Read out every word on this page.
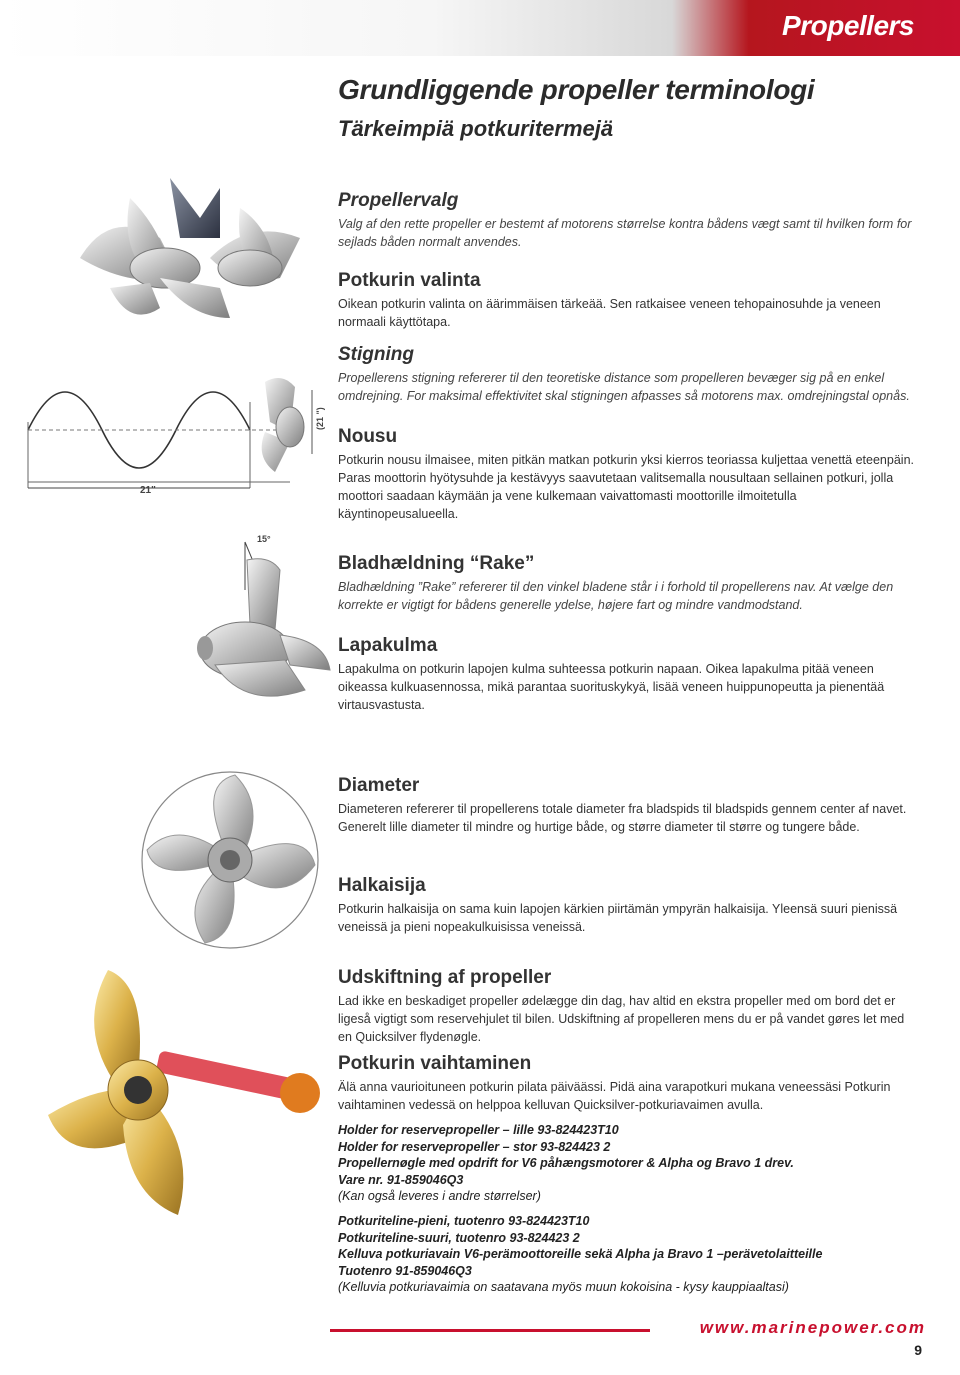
Propellers
Grundliggende propeller terminologi
Tärkeimpiä potkuritermejä
Propellervalg

Valg af den rette propeller er bestemt af motorens størrelse kontra bådens vægt samt til hvilken form for sejlads båden normalt anvendes.

Potkurin valinta

Oikean potkurin valinta on äärimmäisen tärkeää. Sen ratkaisee veneen tehopainosuhde ja veneen normaali käyttötapa.

21"
(21 ")
Stigning

Propellerens stigning refererer til den teoretiske distance som propelleren bevæger sig på en enkel omdrejning. For maksimal effektivitet skal stigningen afpasses så motorens max. omdrejningstal opnås.

Nousu

Potkurin nousu ilmaisee, miten pitkän matkan potkurin yksi kierros teoriassa kuljettaa venettä eteenpäin. Paras moottorin hyötysuhde ja kestävyys saavutetaan valitsemalla nousultaan sellainen potkuri, jolla moottori saadaan käymään ja vene kulkemaan vaivattomasti moottorille ilmoitetulla käyntinopeusalueella.

15°
Bladhældning “Rake”

Bladhældning ”Rake” refererer til den vinkel bladene står i i forhold til propellerens nav. At vælge den korrekte er vigtigt for bådens generelle ydelse, højere fart og mindre vandmodstand.

Lapakulma

Lapakulma on potkurin lapojen kulma suhteessa potkurin napaan. Oikea lapakulma pitää veneen oikeassa kulkuasennossa, mikä parantaa suorituskykyä, lisää veneen huippunopeutta ja pienentää virtausvastusta.

Diameter

Diameteren refererer til propellerens totale diameter fra bladspids til bladspids gennem center af navet. Generelt lille diameter til mindre og hurtige både, og større diameter til større og tungere både.

Halkaisija

Potkurin halkaisija on sama kuin lapojen kärkien piirtämän ympyrän halkaisija. Yleensä suuri pienissä veneissä ja pieni nopeakulkuisissa veneissä.

Udskiftning af propeller

Lad ikke en beskadiget propeller ødelægge din dag, hav altid en ekstra propeller med om bord det er ligeså vigtigt som reservehjulet til bilen. Udskiftning af propelleren mens du er på vandet gøres let med en Quicksilver flydenøgle.

Potkurin vaihtaminen

Älä anna vaurioituneen potkurin pilata päiväässi. Pidä aina varapotkuri mukana veneessäsi Potkurin vaihtaminen vedessä on helppoa kelluvan Quicksilver-potkuriavaimen avulla.

Holder for reservepropeller – lille 93-824423T10
Holder for reservepropeller – stor 93-824423 2
Propellernøgle med opdrift for V6 påhængsmotorer & Alpha og Bravo 1 drev.
Vare nr. 91-859046Q3
(Kan også leveres i andre størrelser)
Potkuriteline-pieni, tuotenro 93-824423T10
Potkuriteline-suuri, tuotenro 93-824423 2
Kelluva potkuriavain V6-perämoottoreille sekä Alpha ja Bravo 1 –perävetolaitteille
Tuotenro 91-859046Q3
(Kelluvia potkuriavaimia on saatavana myös muun kokoisina - kysy kauppiaaltasi)
www.marinepower.com
9
